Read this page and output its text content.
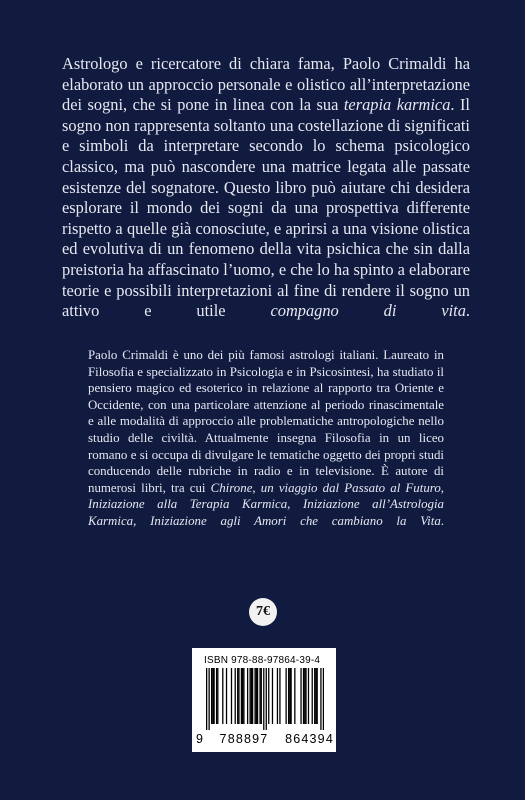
Astrologo e ricercatore di chiara fama, Paolo Crimaldi ha elaborato un approccio personale e olistico all’interpretazione dei sogni, che si pone in linea con la sua terapia karmica. Il sogno non rappresenta soltanto una costellazione di significati e simboli da interpretare secondo lo schema psicologico classico, ma può nascondere una matrice legata alle passate esistenze del sognatore. Questo libro può aiutare chi desidera esplorare il mondo dei sogni da una prospettiva differente rispetto a quelle già conosciute, e aprirsi a una visione olistica ed evolutiva di un fenomeno della vita psichica che sin dalla preistoria ha affascinato l’uomo, e che lo ha spinto a elaborare teorie e possibili interpretazioni al fine di rendere il sogno un attivo e utile compagno di vita.

Paolo Crimaldi è uno dei più famosi astrologi italiani. Laureato in Filosofia e specializzato in Psicologia e in Psicosintesi, ha studiato il pensiero magico ed esoterico in relazione al rapporto tra Oriente e Occidente, con una particolare attenzione al periodo rinascimentale e alle modalità di approccio alle problematiche antropologiche nello studio delle civiltà. Attualmente insegna Filosofia in un liceo romano e si occupa di divulgare le tematiche oggetto dei propri studi conducendo delle rubriche in radio e in televisione. È autore di numerosi libri, tra cui Chirone, un viaggio dal Passato al Futuro, Iniziazione alla Terapia Karmica, Iniziazione all’Astrologia Karmica, Iniziazione agli Amori che cambiano la Vita.

7€
ISBN 978-88-97864-39-4
9 788897 864394
